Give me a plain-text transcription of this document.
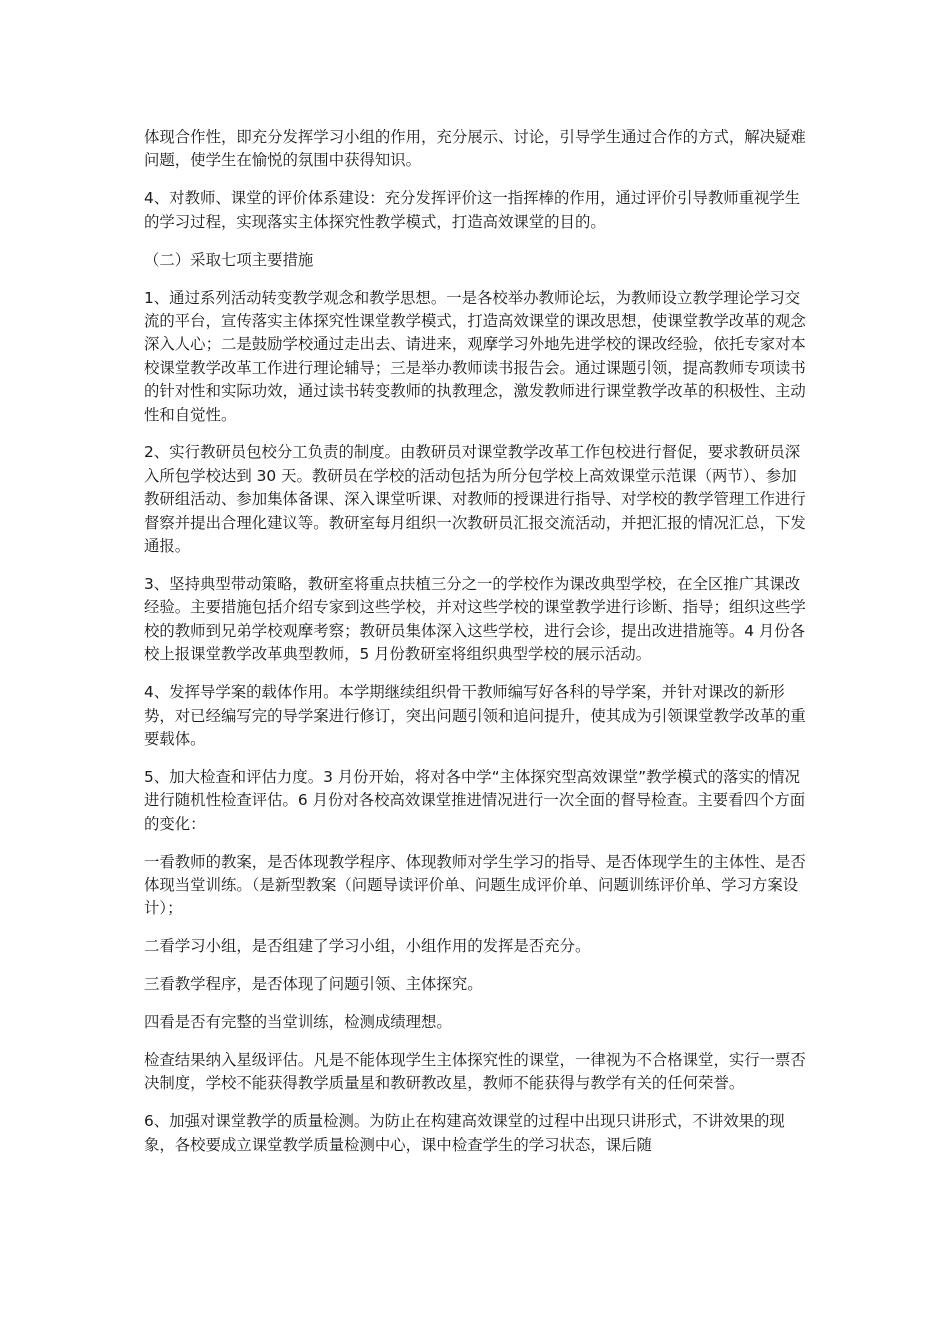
体现合作性，即充分发挥学习小组的作用，充分展示、讨论，引导学生通过合作的方式，解决疑难问题，使学生在愉悦的氛围中获得知识。

4、对教师、课堂的评价体系建设：充分发挥评价这一指挥棒的作用，通过评价引导教师重视学生的学习过程，实现落实主体探究性教学模式，打造高效课堂的目的。

（二）采取七项主要措施

1、通过系列活动转变教学观念和教学思想。一是各校举办教师论坛，为教师设立教学理论学习交流的平台，宣传落实主体探究性课堂教学模式，打造高效课堂的课改思想，使课堂教学改革的观念深入人心；二是鼓励学校通过走出去、请进来，观摩学习外地先进学校的课改经验，依托专家对本校课堂教学改革工作进行理论辅导；三是举办教师读书报告会。通过课题引领，提高教师专项读书的针对性和实际功效，通过读书转变教师的执教理念，激发教师进行课堂教学改革的积极性、主动性和自觉性。

2、实行教研员包校分工负责的制度。由教研员对课堂教学改革工作包校进行督促，要求教研员深入所包学校达到 30 天。教研员在学校的活动包括为所分包学校上高效课堂示范课（两节）、参加教研组活动、参加集体备课、深入课堂听课、对教师的授课进行指导、对学校的教学管理工作进行督察并提出合理化建议等。教研室每月组织一次教研员汇报交流活动，并把汇报的情况汇总，下发通报。

3、坚持典型带动策略，教研室将重点扶植三分之一的学校作为课改典型学校，在全区推广其课改经验。主要措施包括介绍专家到这些学校，并对这些学校的课堂教学进行诊断、指导；组织这些学校的教师到兄弟学校观摩考察；教研员集体深入这些学校，进行会诊，提出改进措施等。4 月份各校上报课堂教学改革典型教师，5 月份教研室将组织典型学校的展示活动。

4、发挥导学案的载体作用。本学期继续组织骨干教师编写好各科的导学案，并针对课改的新形势，对已经编写完的导学案进行修订，突出问题引领和追问提升，使其成为引领课堂教学改革的重要载体。

5、加大检查和评估力度。3 月份开始，将对各中学“主体探究型高效课堂”教学模式的落实的情况进行随机性检查评估。6 月份对各校高效课堂推进情况进行一次全面的督导检查。主要看四个方面的变化：

一看教师的教案，是否体现教学程序、体现教师对学生学习的指导、是否体现学生的主体性、是否体现当堂训练。（是新型教案（问题导读评价单、问题生成评价单、问题训练评价单、学习方案设计）；

二看学习小组，是否组建了学习小组，小组作用的发挥是否充分。

三看教学程序，是否体现了问题引领、主体探究。

四看是否有完整的当堂训练，检测成绩理想。

检查结果纳入星级评估。凡是不能体现学生主体探究性的课堂，一律视为不合格课堂，实行一票否决制度，学校不能获得教学质量星和教研教改星，教师不能获得与教学有关的任何荣誉。

6、加强对课堂教学的质量检测。为防止在构建高效课堂的过程中出现只讲形式，不讲效果的现象，各校要成立课堂教学质量检测中心，课中检查学生的学习状态，课后随
